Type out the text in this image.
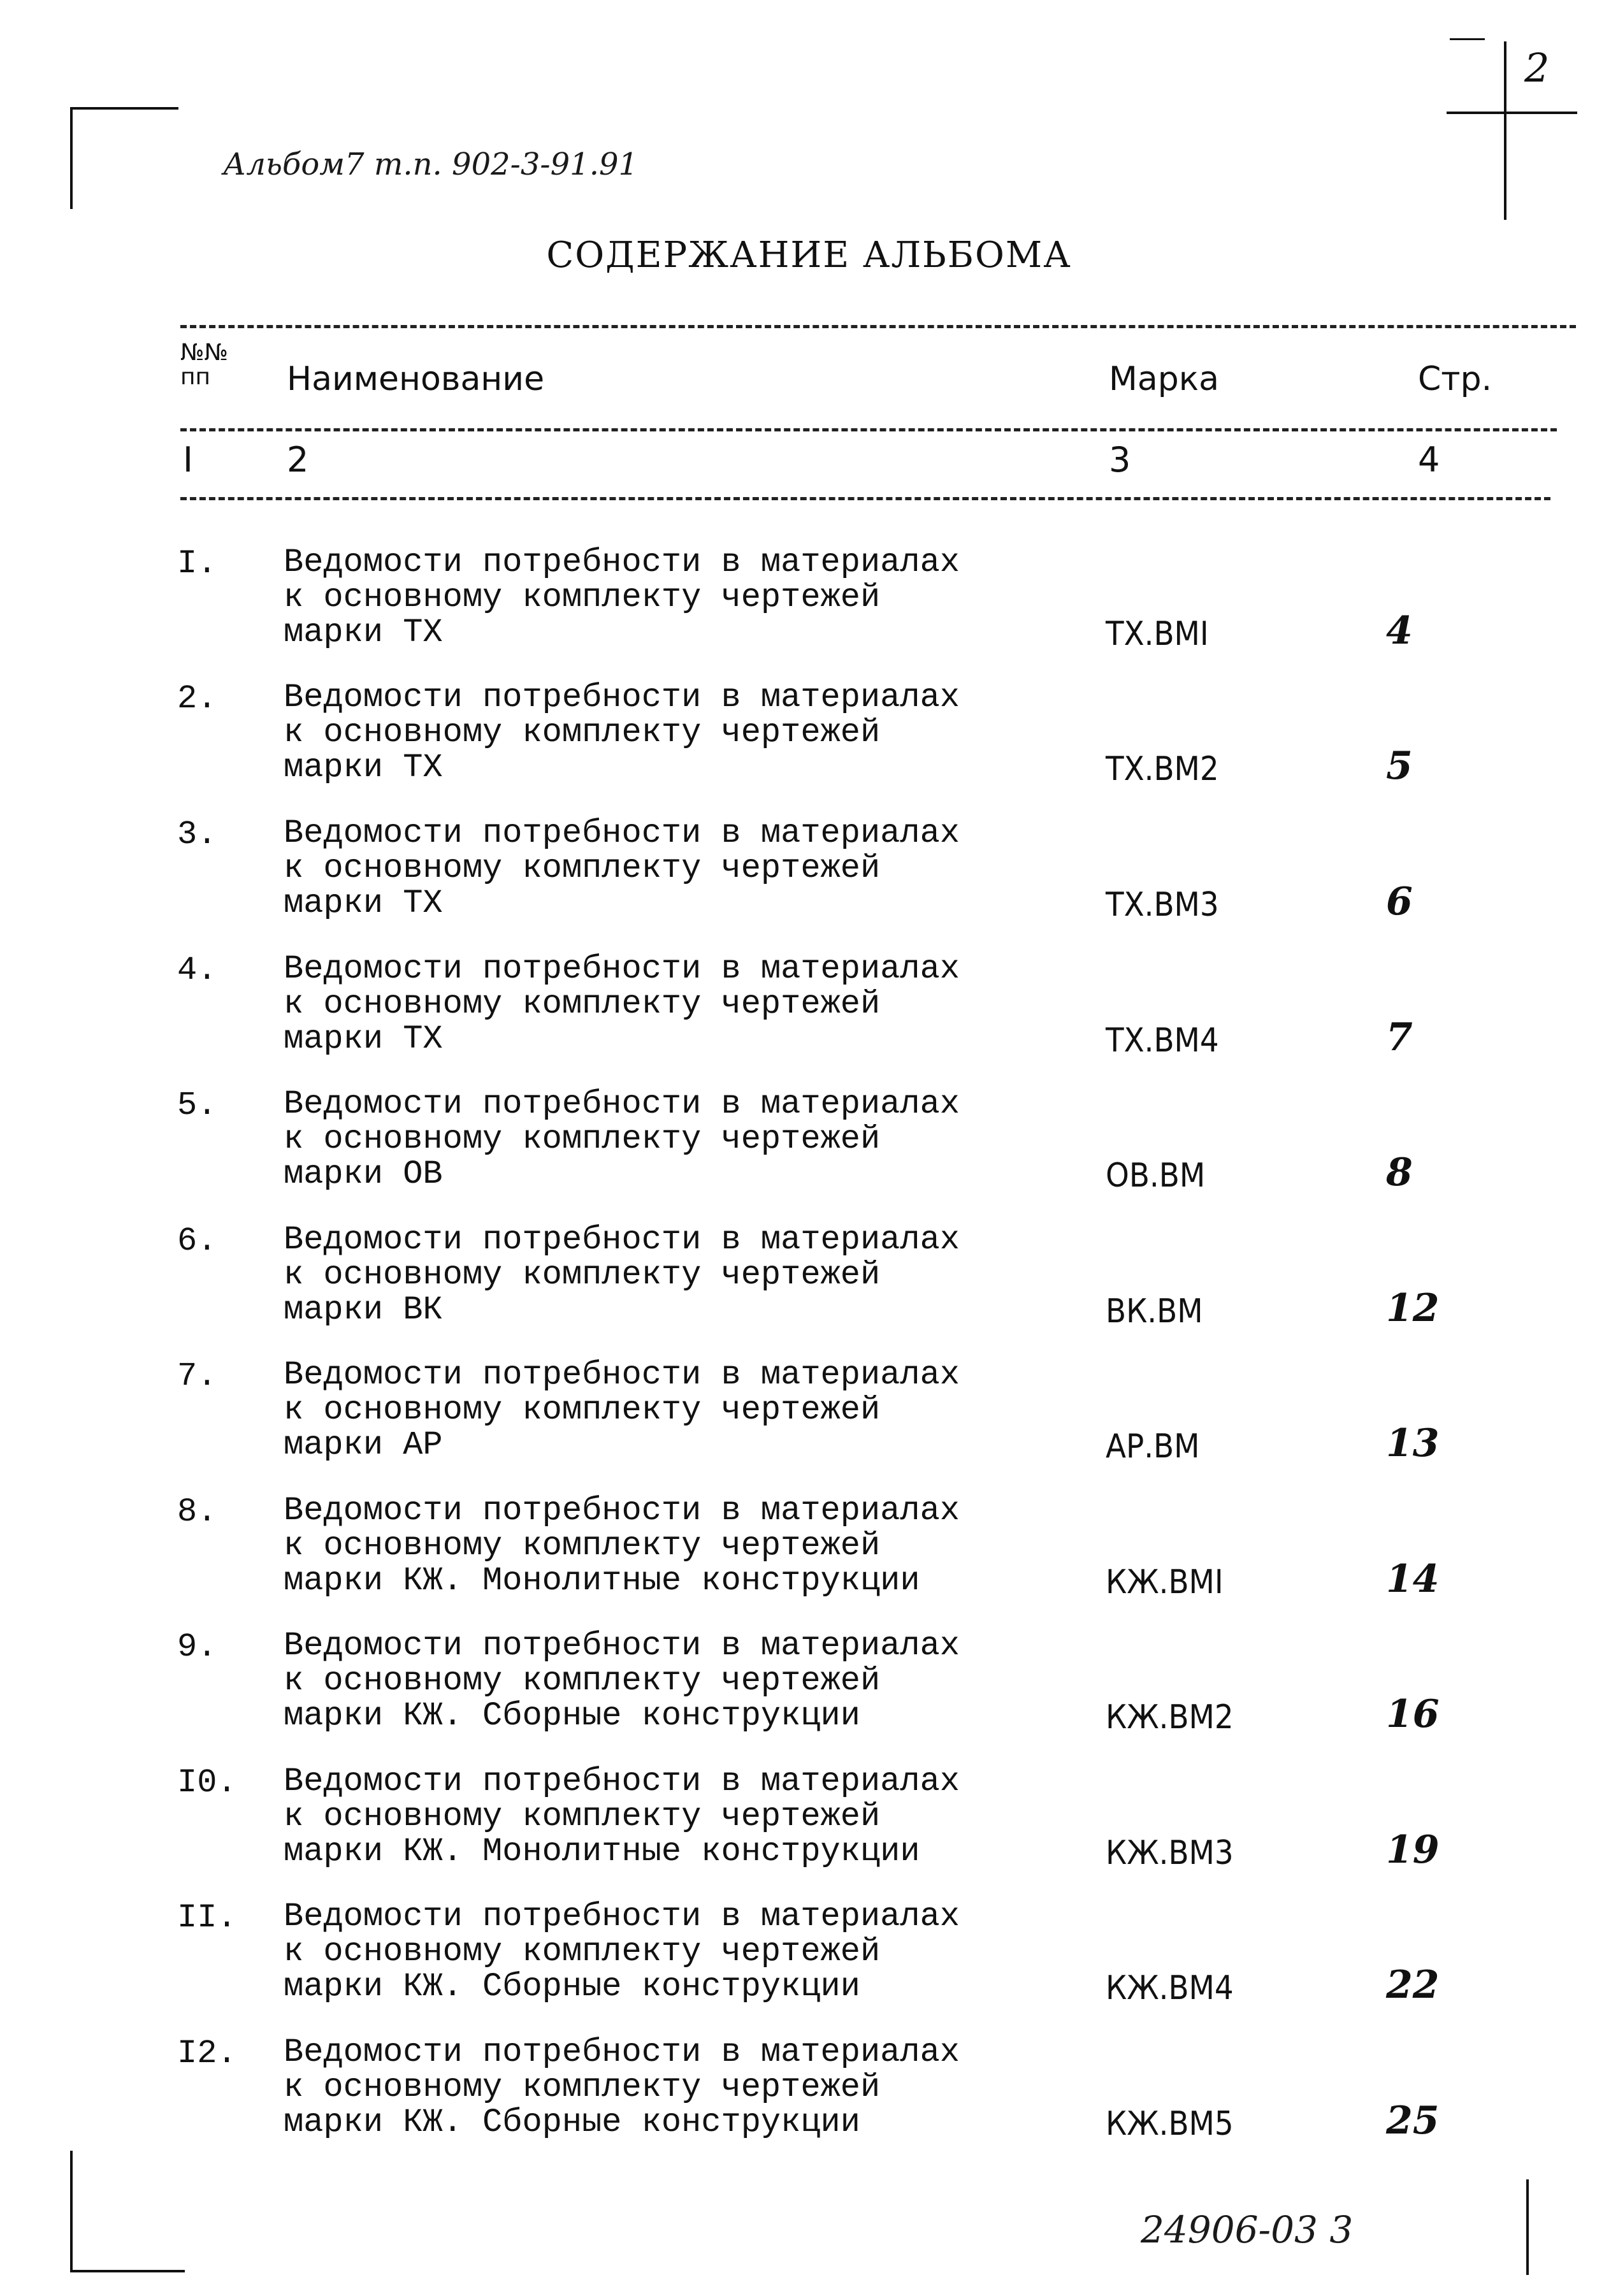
2
Альбом7 т.п. 902-3-91.91
СОДЕРЖАНИЕ АЛЬБОМА
№№
пп	Наименование	Марка	Стр.
I	2	3	4
I. Ведомости потребности в материалах
к основному комплекту чертежей
марки ТХ	ТХ.ВМI	4
2. Ведомости потребности в материалах
к основному комплекту чертежей
марки ТХ	ТХ.ВМ2	5
3. Ведомости потребности в материалах
к основному комплекту чертежей
марки ТХ	ТХ.ВМ3	6
4. Ведомости потребности в материалах
к основному комплекту чертежей
марки ТХ	ТХ.ВМ4	7
5. Ведомости потребности в материалах
к основному комплекту чертежей
марки ОВ	ОВ.ВМ	8
6. Ведомости потребности в материалах
к основному комплекту чертежей
марки ВК	ВК.ВМ	12
7. Ведомости потребности в материалах
к основному комплекту чертежей
марки АР	АР.ВМ	13
8. Ведомости потребности в материалах
к основному комплекту чертежей
марки КЖ. Монолитные конструкции	КЖ.ВМI	14
9. Ведомости потребности в материалах
к основному комплекту чертежей
марки КЖ. Сборные конструкции	КЖ.ВМ2	16
I0. Ведомости потребности в материалах
к основному комплекту чертежей
марки КЖ. Монолитные конструкции	КЖ.ВМ3	19
II. Ведомости потребности в материалах
к основному комплекту чертежей
марки КЖ. Сборные конструкции	КЖ.ВМ4	22
I2. Ведомости потребности в материалах
к основному комплекту чертежей
марки КЖ. Сборные конструкции	КЖ.ВМ5	25
24906-03 3
